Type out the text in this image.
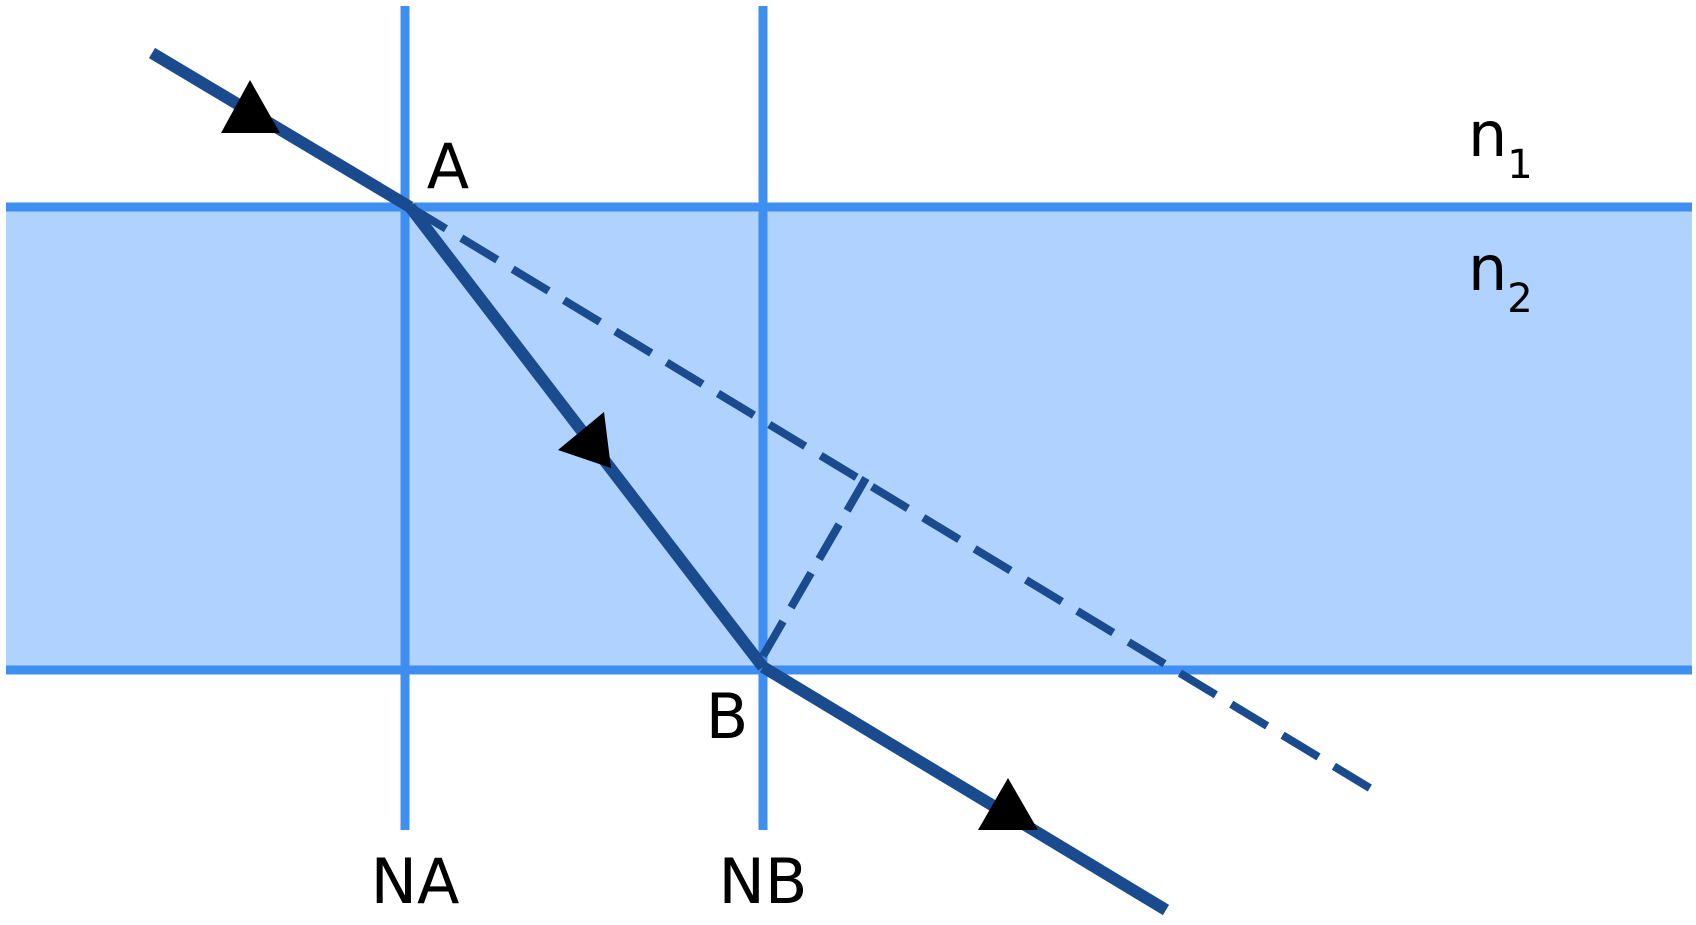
A
B
NA	NB
$n_1$
$n_2$
